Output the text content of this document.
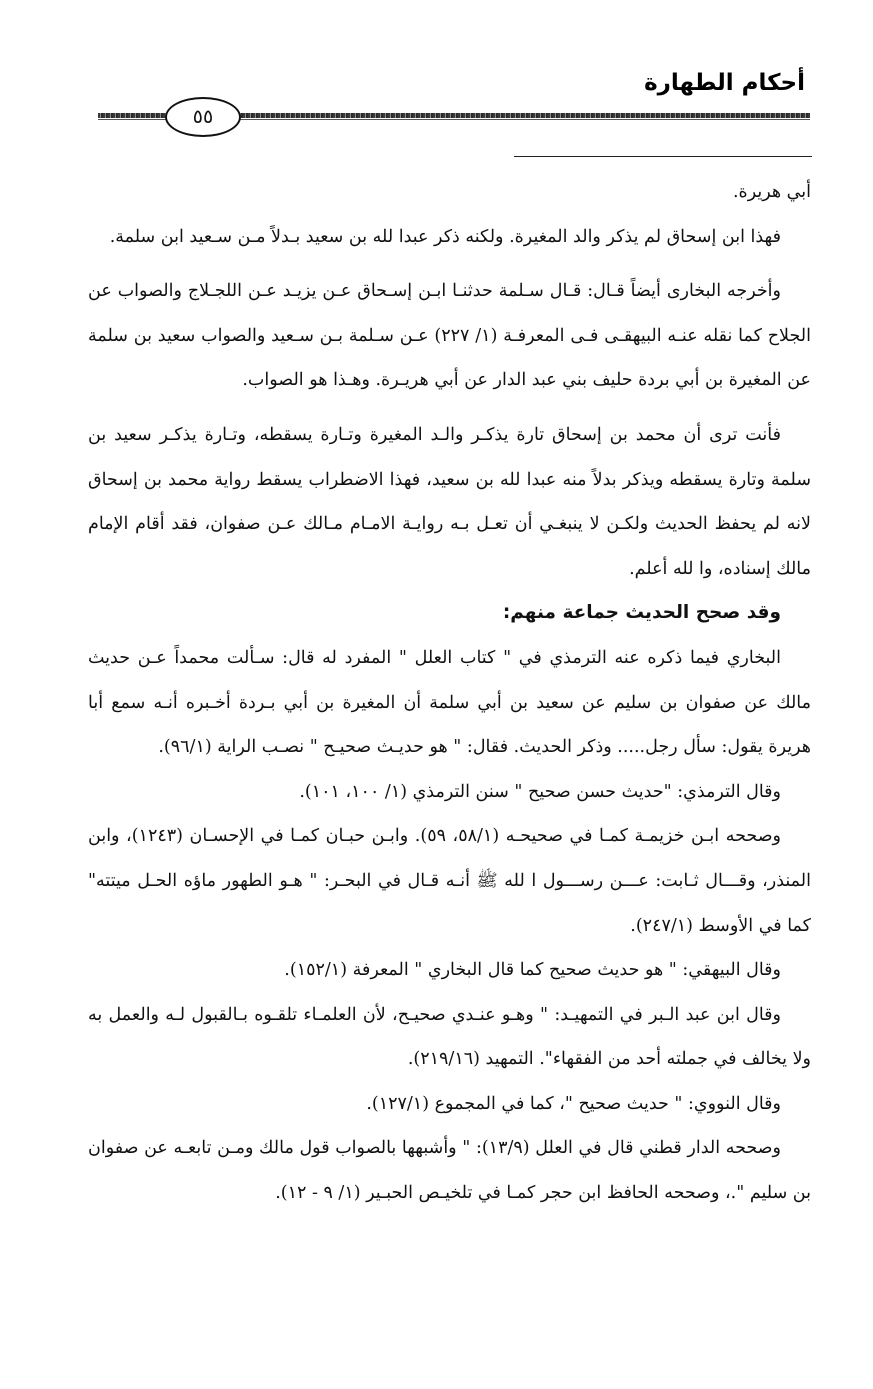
أحكام الطهارة
٥٥

أبي هريرة.

فهذا ابن إسحاق لم يذكر والد المغيرة. ولكنه ذكر عبدا لله بن سعيد بـدلاً مـن سـعيد ابن سلمة.

وأخرجه البخارى أيضاً قـال: قـال سـلمة حدثنـا ابـن إسـحاق عـن يزيـد عـن اللجـلاج والصواب عن الجلاح كما نقله عنـه البيهقـى فـى المعرفـة (١/ ٢٢٧) عـن سـلمة بـن سـعيد والصواب سعيد بن سلمة عن المغيرة بن أبي بردة حليف بني عبد الدار عن أبي هريـرة. وهـذا هو الصواب.

فأنت ترى أن محمد بن إسحاق تارة يذكـر والـد المغيرة وتـارة يسقطه، وتـارة يذكـر سعيد بن سلمة وتارة يسقطه ويذكر بدلاً منه عبدا لله بن سعيد، فهذا الاضطراب يسقط رواية محمد بن إسحاق لانه لم يحفظ الحديث ولكـن لا ينبغـي أن تعـل بـه روايـة الامـام مـالك عـن صفوان، فقد أقام الإمام مالك إسناده، وا لله أعلم.

وقد صحح الحديث جماعة منهم:

البخاري فيما ذكره عنه الترمذي في " كتاب العلل " المفرد له قال: سـألت محمداً عـن حديث مالك عن صفوان بن سليم عن سعيد بن أبي سلمة أن المغيرة بن أبي بـردة أخـبره أنـه سمع أبا هريرة يقول: سأل رجل..... وذكر الحديث. فقال: " هو حديـث صحيـح " نصـب الراية (٩٦/١).

وقال الترمذي: "حديث حسن صحيح " سنن الترمذي (١/ ١٠٠، ١٠١).

وصححه ابـن خزيمـة كمـا في صحيحـه (٥٨/١، ٥٩). وابـن حبـان كمـا في الإحسـان (١٢٤٣)، وابن المنذر، وقـــال ثـابت: عـــن رســـول ا لله ﷺ أنـه قـال في البحـر: " هـو الطهور ماؤه الحـل ميتته" كما في الأوسط (٢٤٧/١).

وقال البيهقي: " هو حديث صحيح كما قال البخاري " المعرفة (١٥٢/١).

وقال ابن عبد الـبر في التمهيـد: " وهـو عنـدي صحيـح، لأن العلمـاء تلقـوه بـالقبول لـه والعمل به ولا يخالف في جملته أحد من الفقهاء". التمهيد (٢١٩/١٦).

وقال النووي: " حديث صحيح "، كما في المجموع (١٢٧/١).

وصححه الدار قطني قال في العلل (١٣/٩): " وأشبهها بالصواب قول مالك ومـن تابعـه عن صفوان بن سليم ".، وصححه الحافظ ابن حجر كمـا في تلخيـص الحبـير (١/ ٩ - ١٢).
